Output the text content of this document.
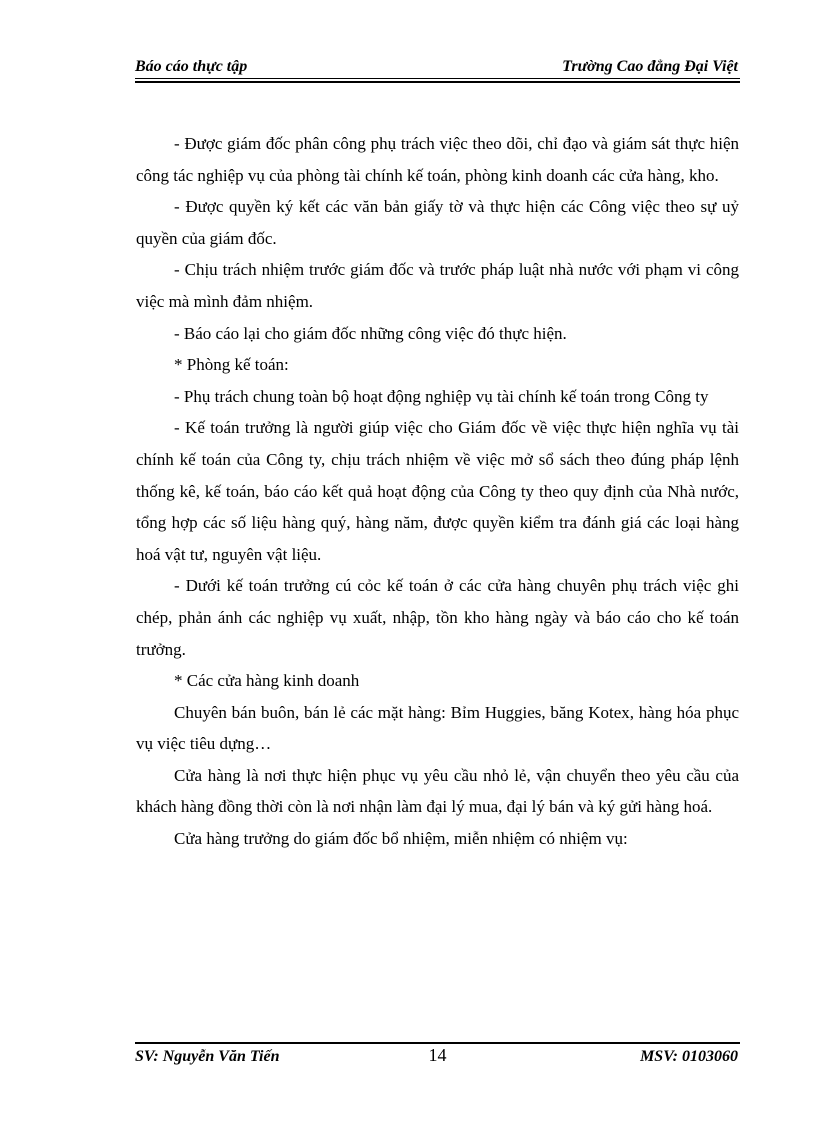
Báo cáo thực tập	Trường Cao đẳng Đại Việt

- Được giám đốc phân công phụ trách việc theo dõi, chỉ đạo và giám sát thực hiện công tác nghiệp vụ của phòng tài chính kế toán, phòng kinh doanh các cửa hàng, kho.

- Được quyền ký kết các văn bản giấy tờ và thực hiện các Công việc theo sự uỷ quyền của giám đốc.

- Chịu trách nhiệm trước giám đốc và trước pháp luật nhà nước với phạm vi công việc mà mình đảm nhiệm.

- Báo cáo lại cho giám đốc những công việc đó thực hiện.

* Phòng kế toán:

- Phụ trách chung toàn bộ hoạt động nghiệp vụ tài chính kế toán trong Công ty

- Kế toán trưởng là người giúp việc cho Giám đốc về việc thực hiện nghĩa vụ tài chính kế toán của Công ty, chịu trách nhiệm về việc mở sổ sách theo đúng pháp lệnh thống kê, kế toán, báo cáo kết quả hoạt động của Công ty theo quy định của Nhà nước, tổng hợp các số liệu hàng quý, hàng năm, được quyền kiểm tra đánh giá các loại hàng hoá vật tư, nguyên vật liệu.

- Dưới kế toán trưởng cú cỏc kế toán ở các cửa hàng chuyên phụ trách việc ghi chép, phản ánh các nghiệp vụ xuất, nhập, tồn kho hàng ngày và báo cáo cho kế toán trưởng.

* Các cửa hàng kinh doanh

Chuyên bán buôn, bán lẻ các mặt hàng: Bỉm Huggies, băng Kotex, hàng hóa phục vụ việc tiêu dựng…

Cửa hàng là nơi thực hiện phục vụ yêu cầu nhỏ lẻ, vận chuyển theo yêu cầu của khách hàng đồng thời còn là nơi nhận làm đại lý mua, đại lý bán và ký gửi hàng hoá.

Cửa hàng trưởng do giám đốc bổ nhiệm, miễn nhiệm có nhiệm vụ:

SV: Nguyễn Văn Tiến	14	MSV: 0103060
